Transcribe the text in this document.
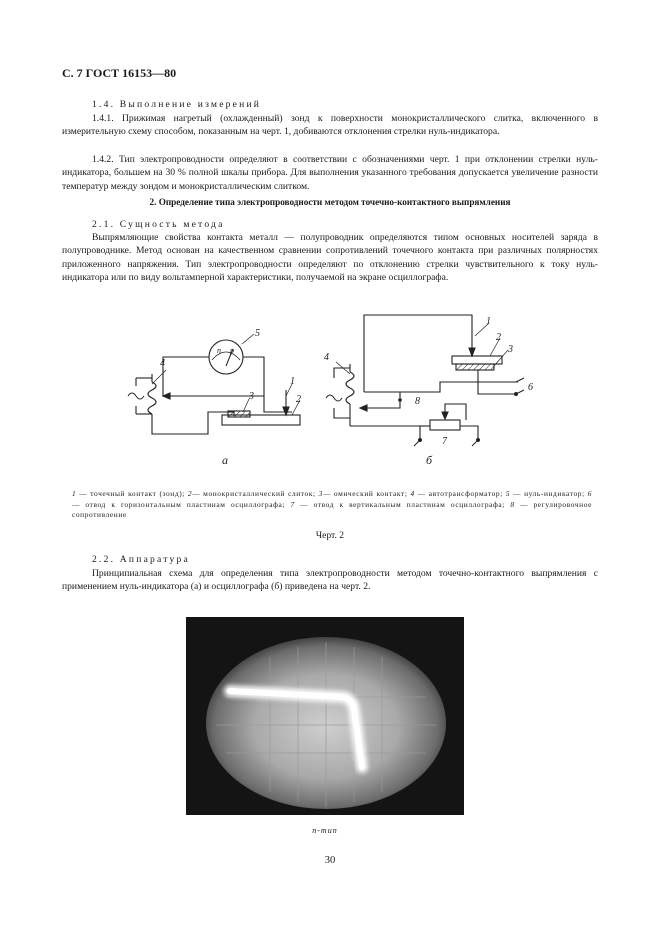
С. 7 ГОСТ 16153—80
1.4. Выполнение измерений
1.4.1. Прижимая нагретый (охлажденный) зонд к поверхности монокристаллического слитка, включенного в измерительную схему способом, показанным на черт. 1, добиваются отклонения стрелки нуль-индикатора.
1.4.2. Тип электропроводности определяют в соответствии с обозначениями черт. 1 при отклонении стрелки нуль-индикатора, большем на 30 % полной шкалы прибора. Для выполнения указанного требования допускается увеличение разности температур между зондом и монокристаллическим слитком.
2. Определение типа электропроводности методом точечно-контактного выпрямления
2.1. Сущность метода
Выпрямляющие свойства контакта металл — полупроводник определяются типом основных носителей заряда в полупроводнике. Метод основан на качественном сравнении сопротивлений точечного контакта при различных полярностях приложенного напряжения. Тип электропроводности определяют по отклонению стрелки чувствительного к току нуль-индикатора или по виду вольтамперной характеристики, получаемой на экране осциллографа.
n p
4
5
3
1
2
а
4
1
2
3
6
8
7
б
1 — точечный контакт (зонд); 2— монокристаллический слиток; 3— омический контакт; 4 — автотрансформатор; 5 — нуль-индикатор; 6 — отвод к горизонтальным пластинам осциллографа; 7 — отвод к вертикальным пластинам осциллографа; 8 — регулировочное сопротивление
Черт. 2
2.2. Аппаратура
Принципиальная схема для определения типа электропроводности методом точечно-контактного выпрямления с применением нуль-индикатора (а) и осциллографа (б) приведена на черт. 2.
n-тип
30
